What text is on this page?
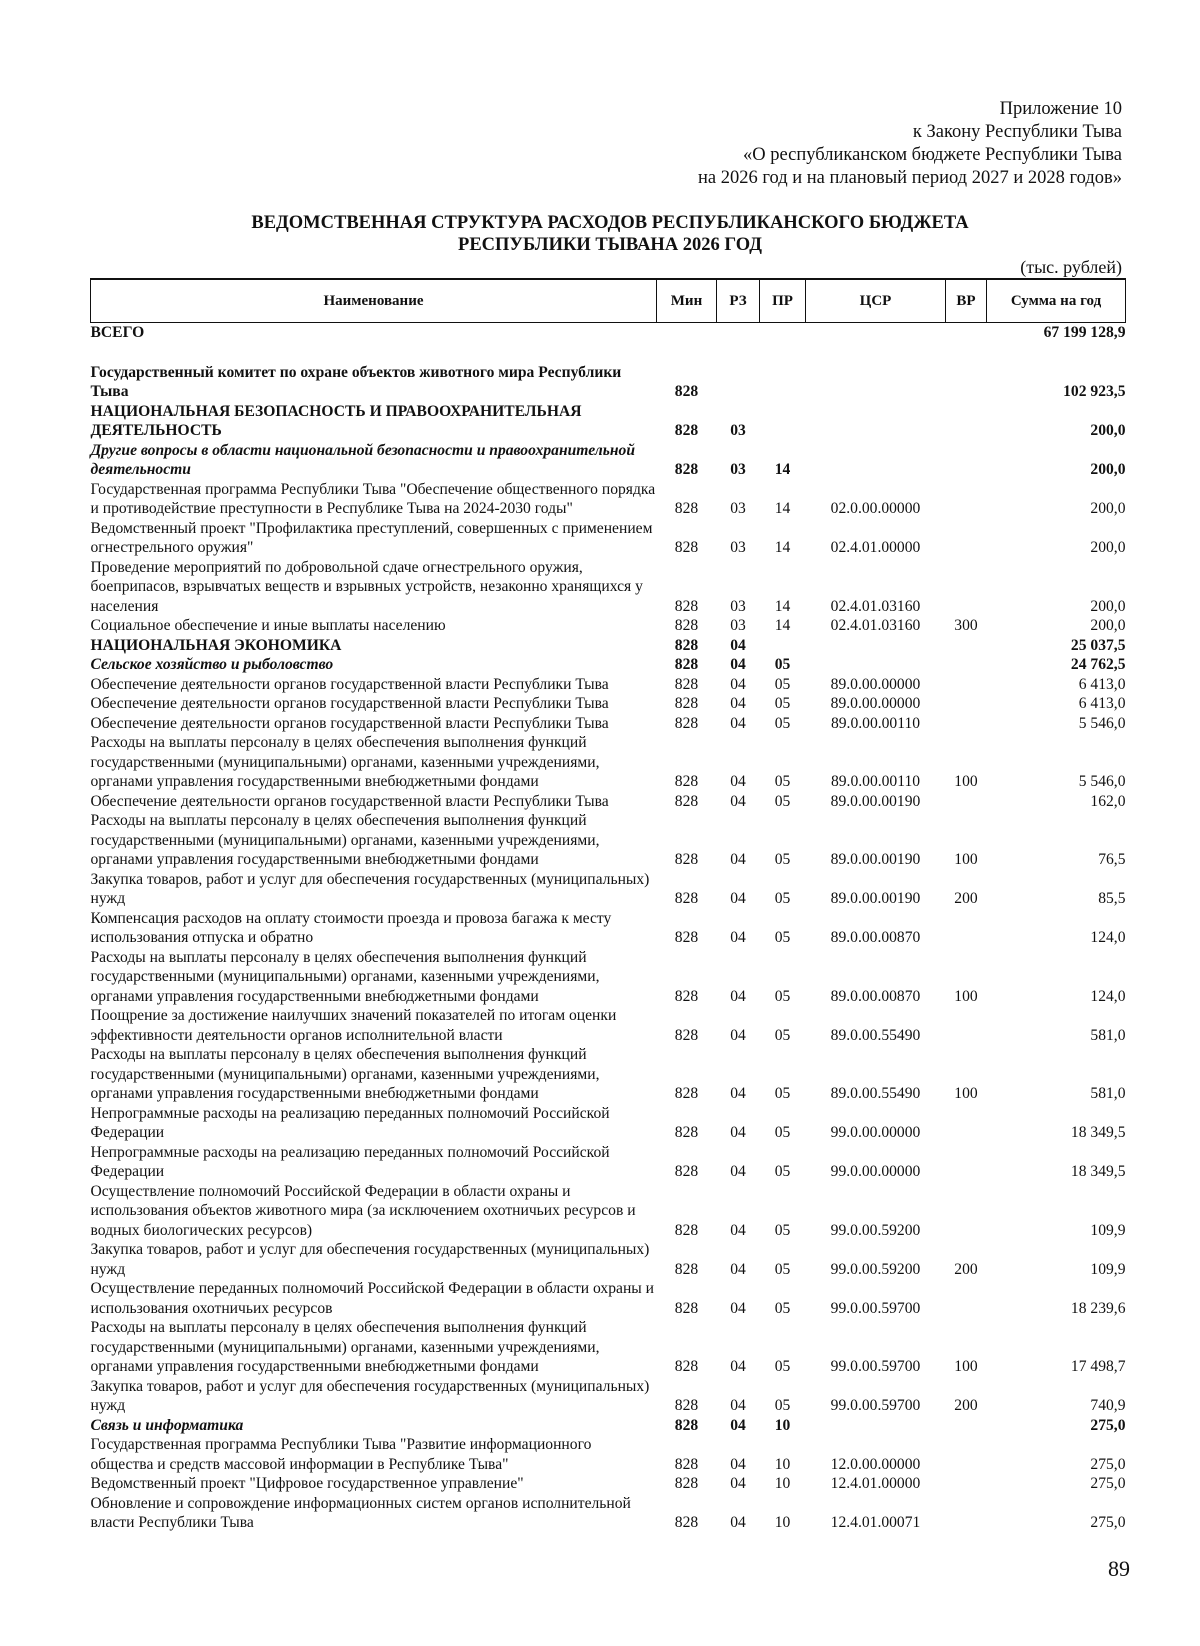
Приложение 10
к Закону Республики Тыва
«О республиканском бюджете Республики Тыва
на 2026 год и на плановый период 2027 и 2028 годов»
ВЕДОМСТВЕННАЯ СТРУКТУРА РАСХОДОВ РЕСПУБЛИКАНСКОГО БЮДЖЕТА
РЕСПУБЛИКИ ТЫВАНА 2026 ГОД
(тыс. рублей)
Наименование	Мин	РЗ	ПР	ЦСР	ВР	Сумма на год
ВСЕГО						67 199 128,9

Государственный комитет по охране объектов животного мира Республики Тыва	828					102 923,5
НАЦИОНАЛЬНАЯ БЕЗОПАСНОСТЬ И ПРАВООХРАНИТЕЛЬНАЯ ДЕЯТЕЛЬНОСТЬ	828	03				200,0
Другие вопросы в области национальной безопасности и правоохранительной деятельности	828	03	14			200,0
Государственная программа Республики Тыва "Обеспечение общественного порядка и противодействие преступности в Республике Тыва на 2024-2030 годы"	828	03	14	02.0.00.00000		200,0
Ведомственный проект "Профилактика преступлений, совершенных с применением огнестрельного оружия"	828	03	14	02.4.01.00000		200,0
Проведение мероприятий по добровольной сдаче огнестрельного оружия, боеприпасов, взрывчатых веществ и взрывных устройств, незаконно хранящихся у населения	828	03	14	02.4.01.03160		200,0
Социальное обеспечение и иные выплаты населению	828	03	14	02.4.01.03160	300	200,0
НАЦИОНАЛЬНАЯ ЭКОНОМИКА	828	04				25 037,5
Сельское хозяйство и рыболовство	828	04	05			24 762,5
Обеспечение деятельности органов государственной власти Республики Тыва	828	04	05	89.0.00.00000		6 413,0
Обеспечение деятельности органов государственной власти Республики Тыва	828	04	05	89.0.00.00000		6 413,0
Обеспечение деятельности органов государственной власти Республики Тыва	828	04	05	89.0.00.00110		5 546,0
Расходы на выплаты персоналу в целях обеспечения выполнения функций государственными (муниципальными) органами, казенными учреждениями, органами управления государственными внебюджетными фондами	828	04	05	89.0.00.00110	100	5 546,0
Обеспечение деятельности органов государственной власти Республики Тыва	828	04	05	89.0.00.00190		162,0
Расходы на выплаты персоналу в целях обеспечения выполнения функций государственными (муниципальными) органами, казенными учреждениями, органами управления государственными внебюджетными фондами	828	04	05	89.0.00.00190	100	76,5
Закупка товаров, работ и услуг для обеспечения государственных (муниципальных) нужд	828	04	05	89.0.00.00190	200	85,5
Компенсация расходов на оплату стоимости проезда и провоза багажа к месту использования отпуска и обратно	828	04	05	89.0.00.00870		124,0
Расходы на выплаты персоналу в целях обеспечения выполнения функций государственными (муниципальными) органами, казенными учреждениями, органами управления государственными внебюджетными фондами	828	04	05	89.0.00.00870	100	124,0
Поощрение за достижение наилучших значений показателей по итогам оценки эффективности деятельности органов исполнительной власти	828	04	05	89.0.00.55490		581,0
Расходы на выплаты персоналу в целях обеспечения выполнения функций государственными (муниципальными) органами, казенными учреждениями, органами управления государственными внебюджетными фондами	828	04	05	89.0.00.55490	100	581,0
Непрограммные расходы на реализацию переданных полномочий Российской Федерации	828	04	05	99.0.00.00000		18 349,5
Непрограммные расходы на реализацию переданных полномочий Российской Федерации	828	04	05	99.0.00.00000		18 349,5
Осуществление полномочий Российской Федерации в области охраны и использования объектов животного мира (за исключением охотничьих ресурсов и водных биологических ресурсов)	828	04	05	99.0.00.59200		109,9
Закупка товаров, работ и услуг для обеспечения государственных (муниципальных) нужд	828	04	05	99.0.00.59200	200	109,9
Осуществление переданных полномочий Российской Федерации в области охраны и использования охотничьих ресурсов	828	04	05	99.0.00.59700		18 239,6
Расходы на выплаты персоналу в целях обеспечения выполнения функций государственными (муниципальными) органами, казенными учреждениями, органами управления государственными внебюджетными фондами	828	04	05	99.0.00.59700	100	17 498,7
Закупка товаров, работ и услуг для обеспечения государственных (муниципальных) нужд	828	04	05	99.0.00.59700	200	740,9
Связь и информатика	828	04	10			275,0
Государственная программа Республики Тыва "Развитие информационного общества и средств массовой информации в Республике Тыва"	828	04	10	12.0.00.00000		275,0
Ведомственный проект "Цифровое государственное управление"	828	04	10	12.4.01.00000		275,0
Обновление и сопровождение информационных систем органов исполнительной власти Республики Тыва	828	04	10	12.4.01.00071		275,0
89
